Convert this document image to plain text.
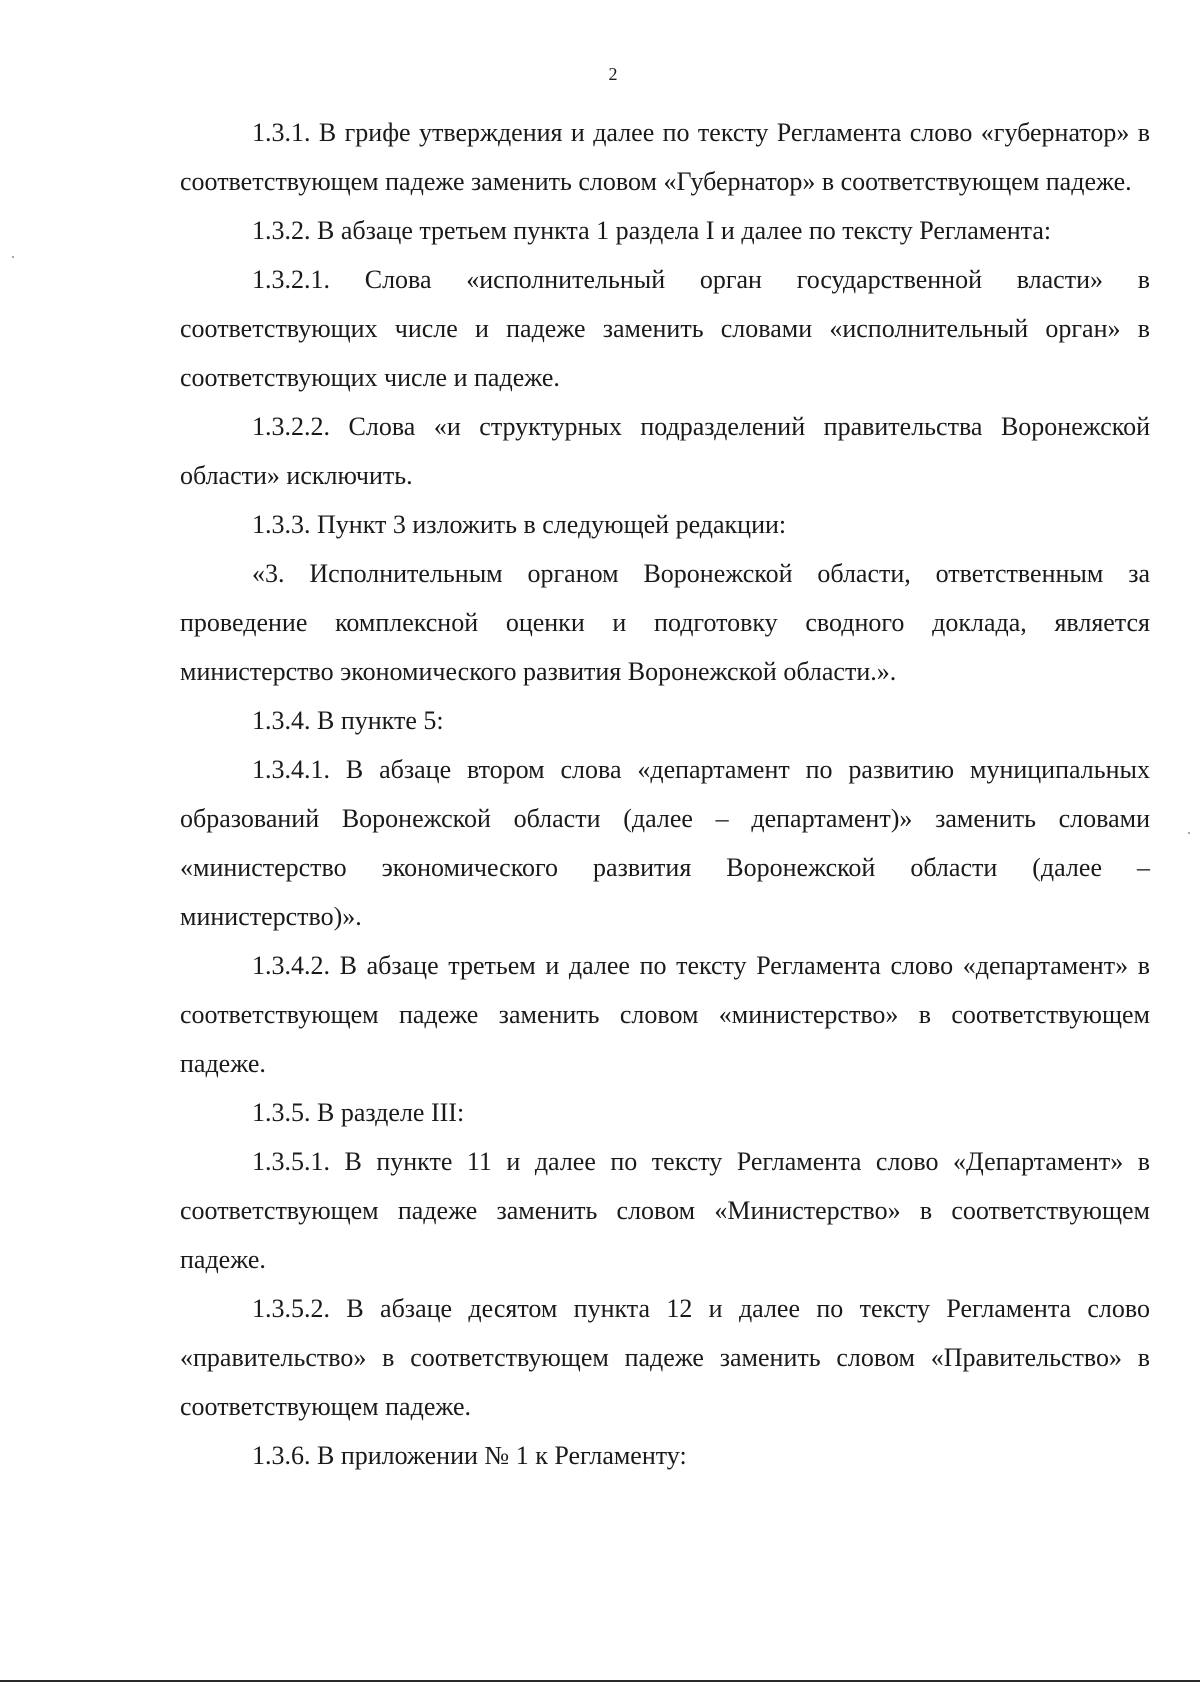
2

1.3.1. В грифе утверждения и далее по тексту Регламента слово «губернатор» в соответствующем падеже заменить словом «Губернатор» в соответствующем падеже.

1.3.2. В абзаце третьем пункта 1 раздела I и далее по тексту Регламента:

1.3.2.1. Слова «исполнительный орган государственной власти» в соответствующих числе и падеже заменить словами «исполнительный орган» в соответствующих числе и падеже.

1.3.2.2. Слова «и структурных подразделений правительства Воронежской области» исключить.

1.3.3. Пункт 3 изложить в следующей редакции:

«3. Исполнительным органом Воронежской области, ответственным за проведение комплексной оценки и подготовку сводного доклада, является министерство экономического развития Воронежской области.».

1.3.4. В пункте 5:

1.3.4.1. В абзаце втором слова «департамент по развитию муниципальных образований Воронежской области (далее – департамент)» заменить словами «министерство экономического развития Воронежской области (далее – министерство)».

1.3.4.2. В абзаце третьем и далее по тексту Регламента слово «департамент» в соответствующем падеже заменить словом «министерство» в соответствующем падеже.

1.3.5. В разделе III:

1.3.5.1. В пункте 11 и далее по тексту Регламента слово «Департамент» в соответствующем падеже заменить словом «Министерство» в соответствующем падеже.

1.3.5.2. В абзаце десятом пункта 12 и далее по тексту Регламента слово «правительство» в соответствующем падеже заменить словом «Правительство» в соответствующем падеже.

1.3.6. В приложении № 1 к Регламенту:
